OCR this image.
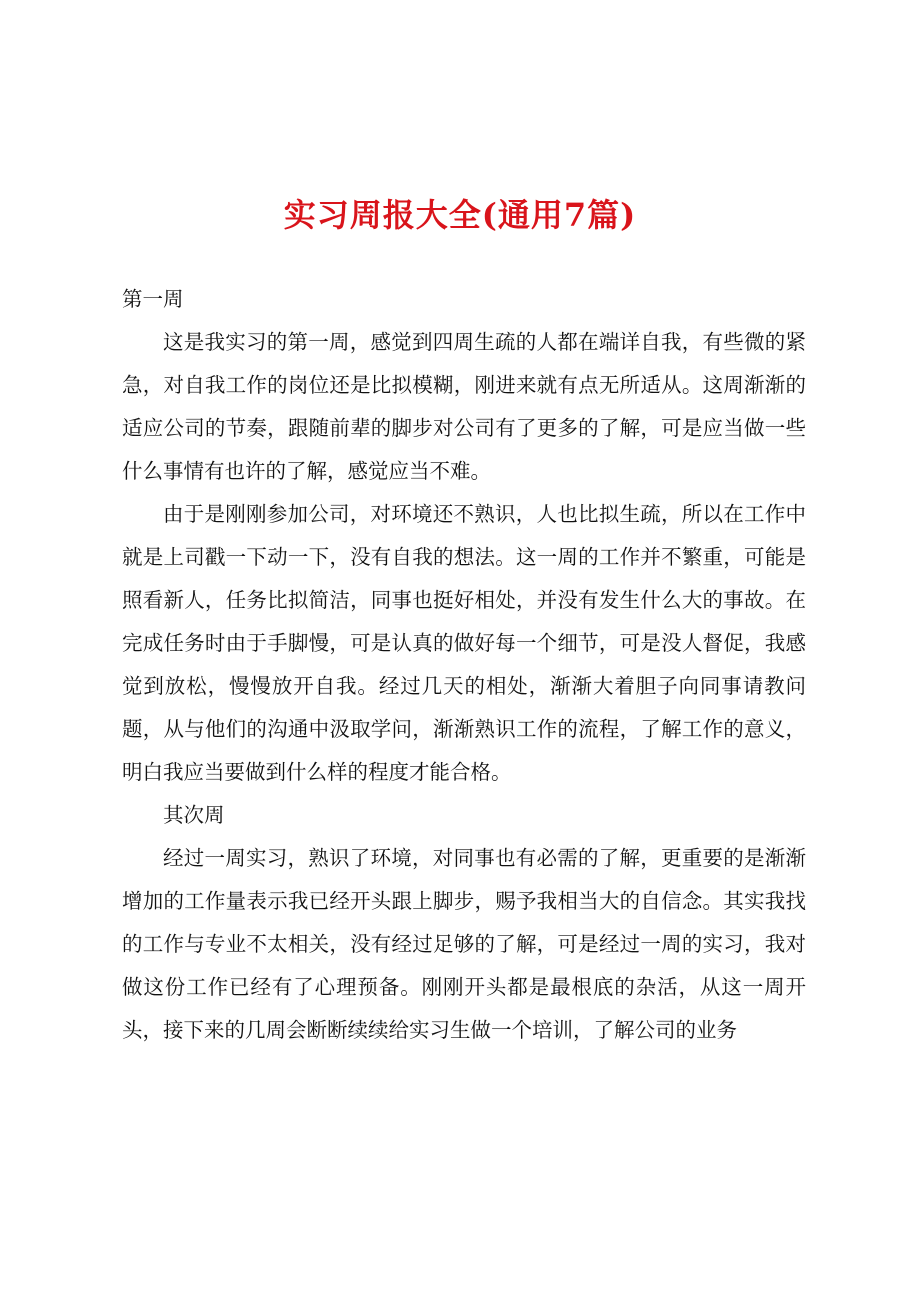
实习周报大全(通用7篇)

第一周

这是我实习的第一周，感觉到四周生疏的人都在端详自我，有些微的紧急，对自我工作的岗位还是比拟模糊，刚进来就有点无所适从。这周渐渐的适应公司的节奏，跟随前辈的脚步对公司有了更多的了解，可是应当做一些什么事情有也许的了解，感觉应当不难。

由于是刚刚参加公司，对环境还不熟识，人也比拟生疏，所以在工作中就是上司戳一下动一下，没有自我的想法。这一周的工作并不繁重，可能是照看新人，任务比拟简洁，同事也挺好相处，并没有发生什么大的事故。在完成任务时由于手脚慢，可是认真的做好每一个细节，可是没人督促，我感觉到放松，慢慢放开自我。经过几天的相处，渐渐大着胆子向同事请教问题，从与他们的沟通中汲取学问，渐渐熟识工作的流程，了解工作的意义，明白我应当要做到什么样的程度才能合格。

其次周

经过一周实习，熟识了环境，对同事也有必需的了解，更重要的是渐渐增加的工作量表示我已经开头跟上脚步，赐予我相当大的自信念。其实我找的工作与专业不太相关，没有经过足够的了解，可是经过一周的实习，我对做这份工作已经有了心理预备。刚刚开头都是最根底的杂活，从这一周开头，接下来的几周会断断续续给实习生做一个培训，了解公司的业务
